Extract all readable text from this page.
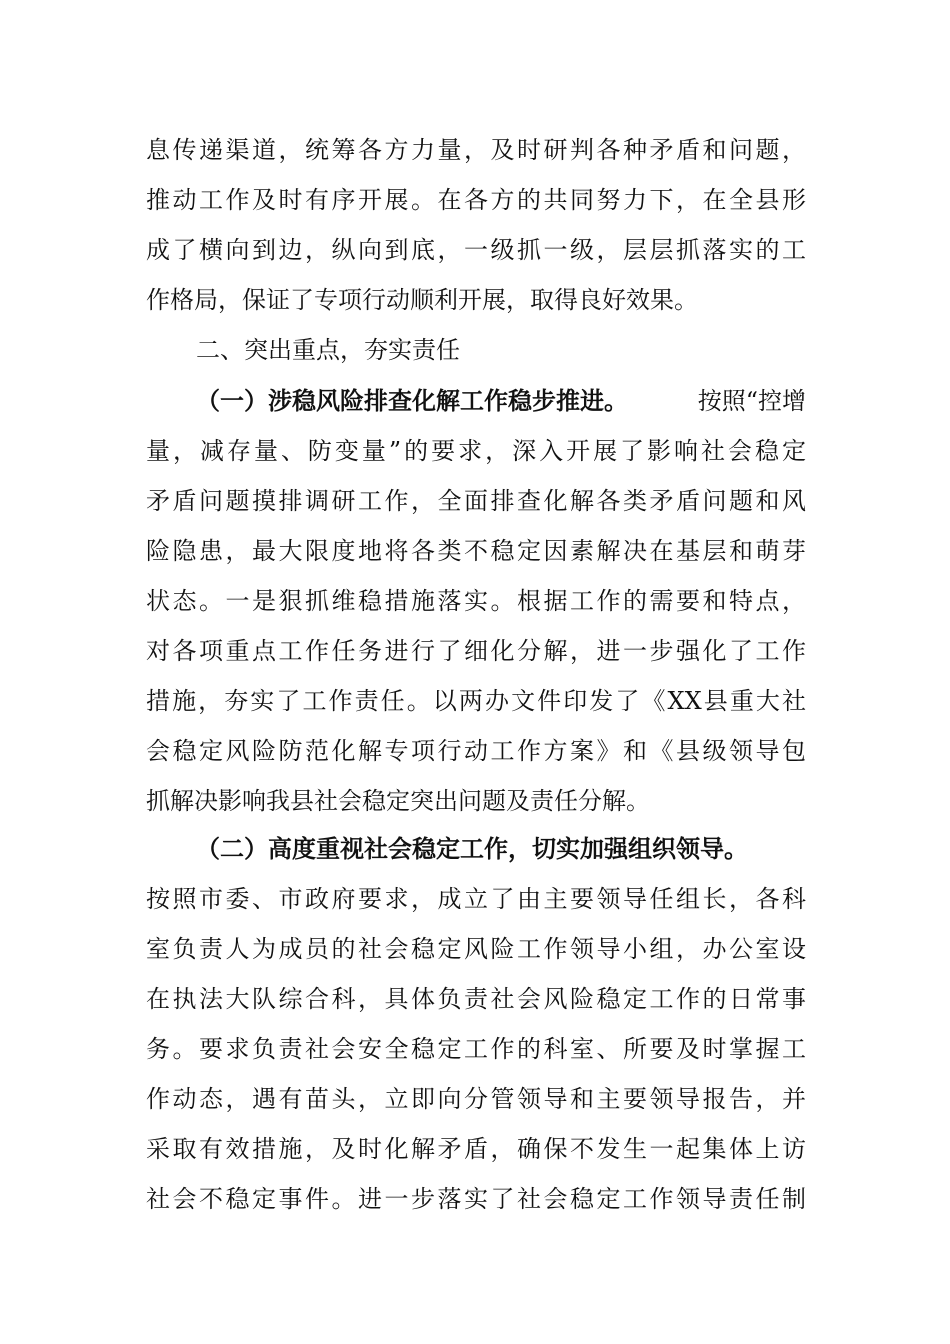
息传递渠道，统筹各方力量，及时研判各种矛盾和问题，
推动工作及时有序开展。在各方的共同努力下，在全县形
成了横向到边，纵向到底，一级抓一级，层层抓落实的工
作格局，保证了专项行动顺利开展，取得良好效果。
二、突出重点，夯实责任
（一）涉稳风险排查化解工作稳步推进。	按照“控增
量，减存量、防变量”的要求，深入开展了影响社会稳定
矛盾问题摸排调研工作，全面排查化解各类矛盾问题和风
险隐患，最大限度地将各类不稳定因素解决在基层和萌芽
状态。一是狠抓维稳措施落实。根据工作的需要和特点，
对各项重点工作任务进行了细化分解，进一步强化了工作
措施，夯实了工作责任。以两办文件印发了《XX县重大社
会稳定风险防范化解专项行动工作方案》和《县级领导包
抓解决影响我县社会稳定突出问题及责任分解。
（二）高度重视社会稳定工作，切实加强组织领导。
按照市委、市政府要求，成立了由主要领导任组长，各科
室负责人为成员的社会稳定风险工作领导小组，办公室设
在执法大队综合科，具体负责社会风险稳定工作的日常事
务。要求负责社会安全稳定工作的科室、所要及时掌握工
作动态，遇有苗头，立即向分管领导和主要领导报告，并
采取有效措施，及时化解矛盾，确保不发生一起集体上访
社会不稳定事件。进一步落实了社会稳定工作领导责任制
